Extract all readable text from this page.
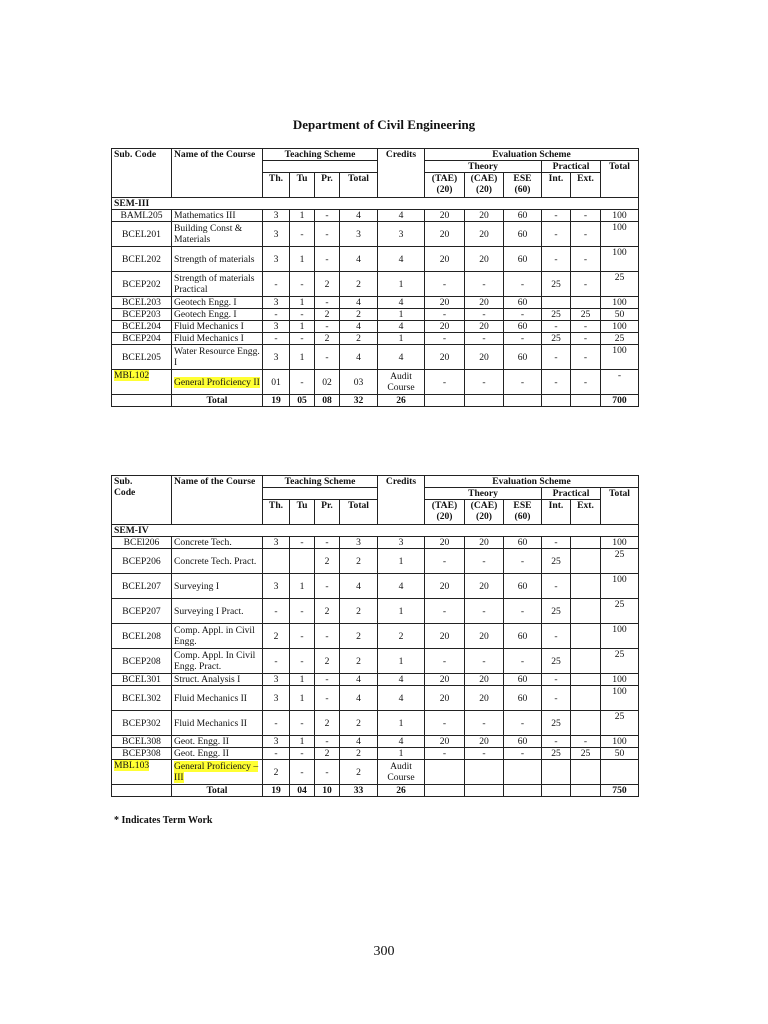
Department of Civil Engineering
Sub. Code	Name of the Course	Teaching Scheme				Credits	Evaluation Scheme					
							Theory			Practical		Total
		Th.	Tu	Pr.	Total		(TAE) (20)	(CAE) (20)	ESE (60)	Int.	Ext.	
SEM-III												
BAML205	Mathematics III	3	1	-	4	4	20	20	60	-	-	100
BCEL201	Building Const & Materials	3	-	-	3	3	20	20	60	-	-	100
BCEL202	Strength of materials	3	1	-	4	4	20	20	60	-	-	100
BCEP202	Strength of materials Practical	-	-	2	2	1	-	-	-	25	-	25
BCEL203	Geotech Engg. I	3	1	-	4	4	20	20	60			100
BCEP203	Geotech Engg. I	-	-	2	2	1	-	-	-	25	25	50
BCEL204	Fluid Mechanics I	3	1	-	4	4	20	20	60	-	-	100
BCEP204	Fluid Mechanics I	-	-	2	2	1	-	-	-	25	-	25
BCEL205	Water Resource Engg. I	3	1	-	4	4	20	20	60	-	-	100
MBL102	General Proficiency II	01	-	02	03	Audit Course	-	-	-	-	-	-
	Total	19	05	08	32	26						700
Sub.
Code	Name of the Course	Teaching Scheme				Credits	Evaluation Scheme					
							Theory			Practical		Total
		Th.	Tu	Pr.	Total		(TAE) (20)	(CAE) (20)	ESE (60)	Int.	Ext.	
SEM-IV												
BCEl206	Concrete Tech.	3	-	-	3	3	20	20	60	-		100
BCEP206	Concrete Tech. Pract.			2	2	1	-	-	-	25		25
BCEL207	Surveying I	3	1	-	4	4	20	20	60	-		100
BCEP207	Surveying I Pract.	-	-	2	2	1	-	-	-	25		25
BCEL208	Comp. Appl. in Civil Engg.	2	-	-	2	2	20	20	60	-		100
BCEP208	Comp. Appl. In Civil Engg. Pract.	-	-	2	2	1	-	-	-	25		25
BCEL301	Struct. Analysis I	3	1	-	4	4	20	20	60	-		100
BCEL302	Fluid Mechanics II	3	1	-	4	4	20	20	60	-		100
BCEP302	Fluid Mechanics II	-	-	2	2	1	-	-	-	25		25
BCEL308	Geot. Engg. II	3	1	-	4	4	20	20	60	-	-	100
BCEP308	Geot. Engg. II	-	-	2	2	1	-	-	-	25	25	50
MBL103	General Proficiency – III	2	-	-	2	Audit Course						
	Total	19	04	10	33	26						750
* Indicates Term Work
300
